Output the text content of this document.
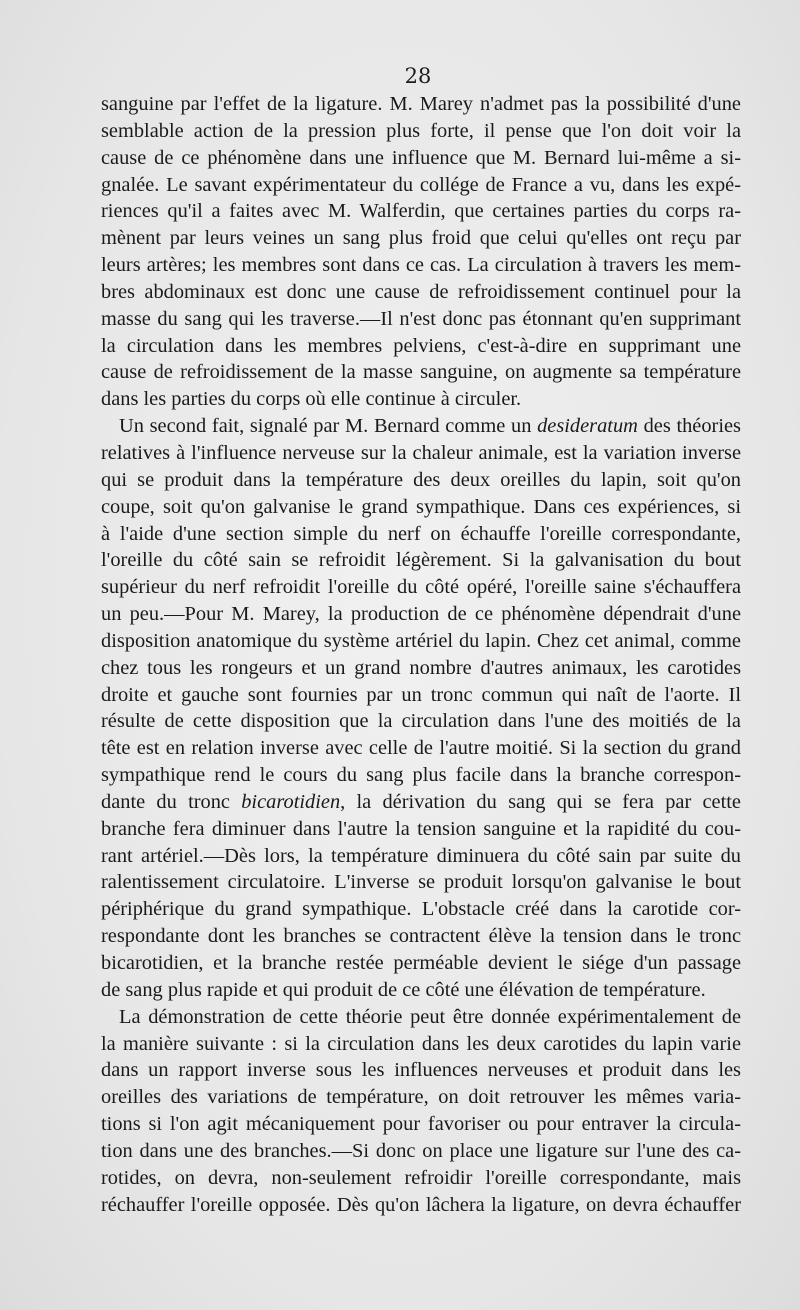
28

sanguine par l'effet de la ligature. M. Marey n'admet pas la possibilité d'une

semblable action de la pression plus forte, il pense que l'on doit voir la

cause de ce phénomène dans une influence que M. Bernard lui-même a si-

gnalée. Le savant expérimentateur du collége de France a vu, dans les expé-

riences qu'il a faites avec M. Walferdin, que certaines parties du corps ra-

mènent par leurs veines un sang plus froid que celui qu'elles ont reçu par

leurs artères; les membres sont dans ce cas. La circulation à travers les mem-

bres abdominaux est donc une cause de refroidissement continuel pour la

masse du sang qui les traverse.—Il n'est donc pas étonnant qu'en supprimant

la circulation dans les membres pelviens, c'est-à-dire en supprimant une

cause de refroidissement de la masse sanguine, on augmente sa température

dans les parties du corps où elle continue à circuler.

Un second fait, signalé par M. Bernard comme un desideratum des théories

relatives à l'influence nerveuse sur la chaleur animale, est la variation inverse

qui se produit dans la température des deux oreilles du lapin, soit qu'on

coupe, soit qu'on galvanise le grand sympathique. Dans ces expériences, si

à l'aide d'une section simple du nerf on échauffe l'oreille correspondante,

l'oreille du côté sain se refroidit légèrement. Si la galvanisation du bout

supérieur du nerf refroidit l'oreille du côté opéré, l'oreille saine s'échauffera

un peu.—Pour M. Marey, la production de ce phénomène dépendrait d'une

disposition anatomique du système artériel du lapin. Chez cet animal, comme

chez tous les rongeurs et un grand nombre d'autres animaux, les carotides

droite et gauche sont fournies par un tronc commun qui naît de l'aorte. Il

résulte de cette disposition que la circulation dans l'une des moitiés de la

tête est en relation inverse avec celle de l'autre moitié. Si la section du grand

sympathique rend le cours du sang plus facile dans la branche correspon-

dante du tronc bicarotidien, la dérivation du sang qui se fera par cette

branche fera diminuer dans l'autre la tension sanguine et la rapidité du cou-

rant artériel.—Dès lors, la température diminuera du côté sain par suite du

ralentissement circulatoire. L'inverse se produit lorsqu'on galvanise le bout

périphérique du grand sympathique. L'obstacle créé dans la carotide cor-

respondante dont les branches se contractent élève la tension dans le tronc

bicarotidien, et la branche restée perméable devient le siége d'un passage

de sang plus rapide et qui produit de ce côté une élévation de température.

La démonstration de cette théorie peut être donnée expérimentalement de

la manière suivante : si la circulation dans les deux carotides du lapin varie

dans un rapport inverse sous les influences nerveuses et produit dans les

oreilles des variations de température, on doit retrouver les mêmes varia-

tions si l'on agit mécaniquement pour favoriser ou pour entraver la circula-

tion dans une des branches.—Si donc on place une ligature sur l'une des ca-

rotides, on devra, non-seulement refroidir l'oreille correspondante, mais

réchauffer l'oreille opposée. Dès qu'on lâchera la ligature, on devra échauffer
